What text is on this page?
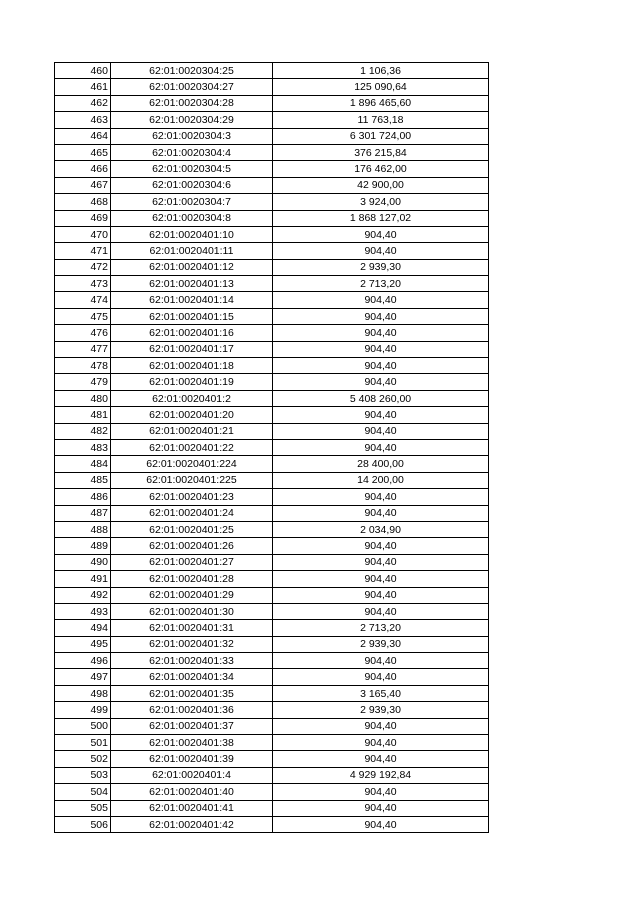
460	62:01:0020304:25	1 106,36
461	62:01:0020304:27	125 090,64
462	62:01:0020304:28	1 896 465,60
463	62:01:0020304:29	11 763,18
464	62:01:0020304:3	6 301 724,00
465	62:01:0020304:4	376 215,84
466	62:01:0020304:5	176 462,00
467	62:01:0020304:6	42 900,00
468	62:01:0020304:7	3 924,00
469	62:01:0020304:8	1 868 127,02
470	62:01:0020401:10	904,40
471	62:01:0020401:11	904,40
472	62:01:0020401:12	2 939,30
473	62:01:0020401:13	2 713,20
474	62:01:0020401:14	904,40
475	62:01:0020401:15	904,40
476	62:01:0020401:16	904,40
477	62:01:0020401:17	904,40
478	62:01:0020401:18	904,40
479	62:01:0020401:19	904,40
480	62:01:0020401:2	5 408 260,00
481	62:01:0020401:20	904,40
482	62:01:0020401:21	904,40
483	62:01:0020401:22	904,40
484	62:01:0020401:224	28 400,00
485	62:01:0020401:225	14 200,00
486	62:01:0020401:23	904,40
487	62:01:0020401:24	904,40
488	62:01:0020401:25	2 034,90
489	62:01:0020401:26	904,40
490	62:01:0020401:27	904,40
491	62:01:0020401:28	904,40
492	62:01:0020401:29	904,40
493	62:01:0020401:30	904,40
494	62:01:0020401:31	2 713,20
495	62:01:0020401:32	2 939,30
496	62:01:0020401:33	904,40
497	62:01:0020401:34	904,40
498	62:01:0020401:35	3 165,40
499	62:01:0020401:36	2 939,30
500	62:01:0020401:37	904,40
501	62:01:0020401:38	904,40
502	62:01:0020401:39	904,40
503	62:01:0020401:4	4 929 192,84
504	62:01:0020401:40	904,40
505	62:01:0020401:41	904,40
506	62:01:0020401:42	904,40
